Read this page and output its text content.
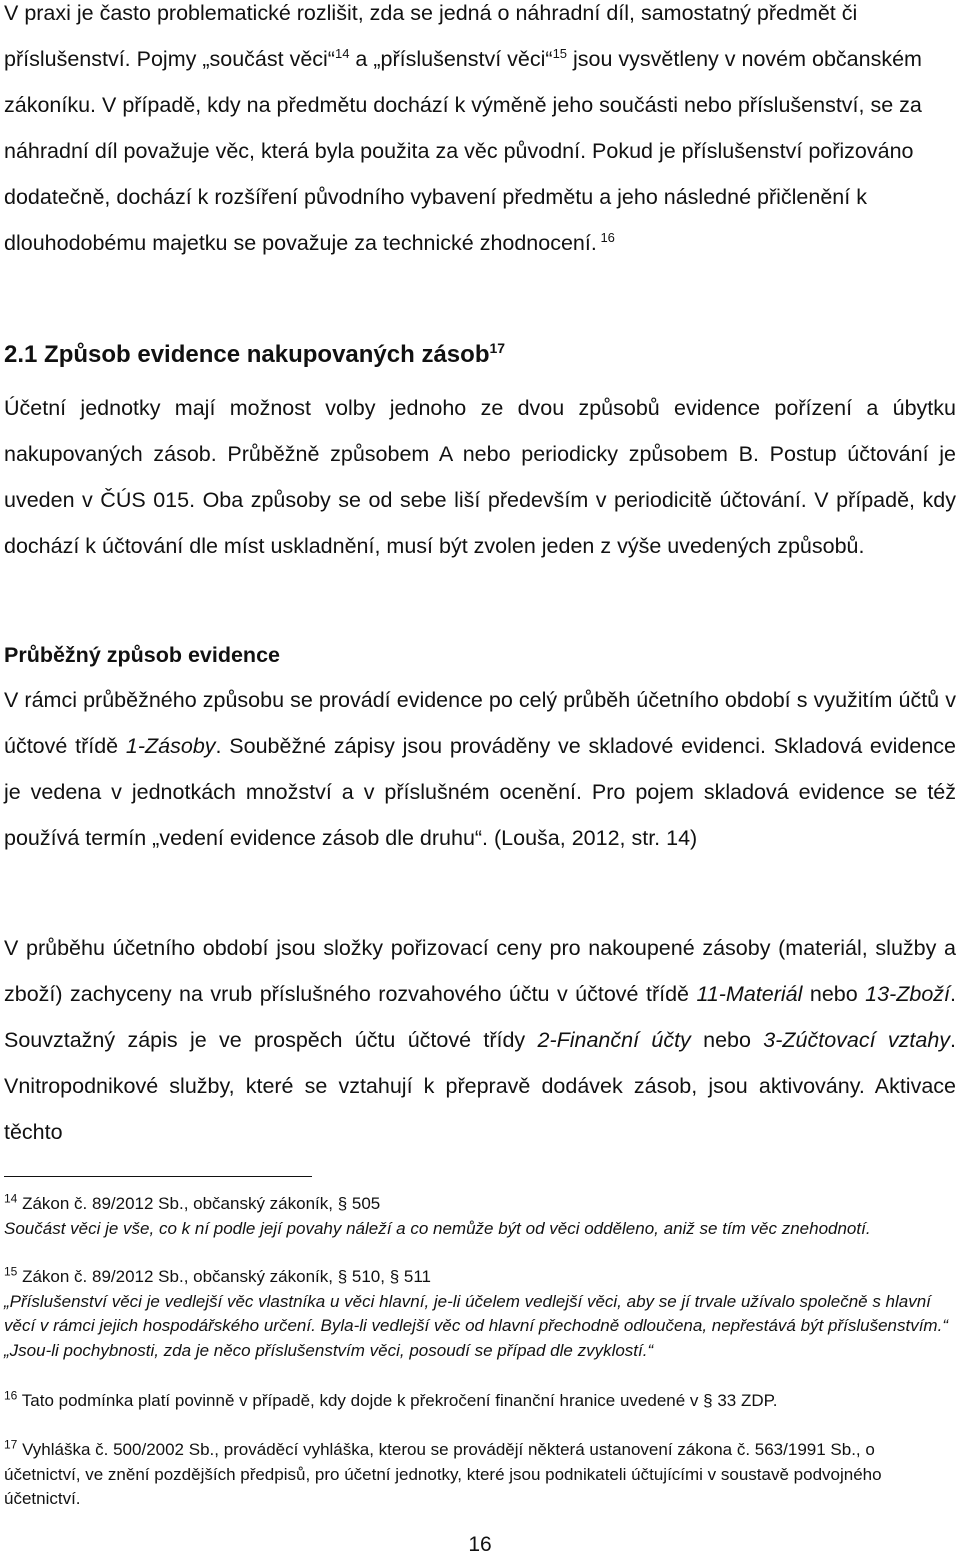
V praxi je často problematické rozlišit, zda se jedná o náhradní díl, samostatný předmět či příslušenství. Pojmy „součást věci“$^{14}$ a „příslušenství věci“$^{15}$ jsou vysvětleny v novém občanském zákoníku. V případě, kdy na předmětu dochází k výměně jeho součásti nebo příslušenství, se za náhradní díl považuje věc, která byla použita za věc původní. Pokud je příslušenství pořizováno dodatečně, dochází k rozšíření původního vybavení předmětu a jeho následné přičlenění k dlouhodobému majetku se považuje za technické zhodnocení. $^{16}$

2.1 Způsob evidence nakupovaných zásob$^{17}$

Účetní jednotky mají možnost volby jednoho ze dvou způsobů evidence pořízení a úbytku nakupovaných zásob. Průběžně způsobem A nebo periodicky způsobem B. Postup účtování je uveden v ČÚS 015. Oba způsoby se od sebe liší především v periodicitě účtování. V případě, kdy dochází k účtování dle míst uskladnění, musí být zvolen jeden z výše uvedených způsobů.

Průběžný způsob evidence

V rámci průběžného způsobu se provádí evidence po celý průběh účetního období s využitím účtů v účtové třídě 1-Zásoby. Souběžné zápisy jsou prováděny ve skladové evidenci. Skladová evidence je vedena v jednotkách množství a v příslušném ocenění. Pro pojem skladová evidence se též používá termín „vedení evidence zásob dle druhu“. (Louša, 2012, str. 14)

V průběhu účetního období jsou složky pořizovací ceny pro nakoupené zásoby (materiál, služby a zboží) zachyceny na vrub příslušného rozvahového účtu v účtové třídě 11-Materiál nebo 13-Zboží. Souvztažný zápis je ve prospěch účtu účtové třídy 2-Finanční účty nebo 3-Zúčtovací vztahy. Vnitropodnikové služby, které se vztahují k přepravě dodávek zásob, jsou aktivovány. Aktivace těchto

$^{14}$ Zákon č. 89/2012 Sb., občanský zákoník, § 505
Součást věci je vše, co k ní podle její povahy náleží a co nemůže být od věci odděleno, aniž se tím věc znehodnotí.

$^{15}$ Zákon č. 89/2012 Sb., občanský zákoník, § 510, § 511
„Příslušenství věci je vedlejší věc vlastníka u věci hlavní, je-li účelem vedlejší věci, aby se jí trvale užívalo společně s hlavní věcí v rámci jejich hospodářského určení. Byla-li vedlejší věc od hlavní přechodně odloučena, nepřestává být příslušenstvím.“ „Jsou-li pochybnosti, zda je něco příslušenstvím věci, posoudí se případ dle zvyklostí.“

$^{16}$ Tato podmínka platí povinně v případě, kdy dojde k překročení finanční hranice uvedené v § 33 ZDP.

$^{17}$ Vyhláška č. 500/2002 Sb., prováděcí vyhláška, kterou se provádějí některá ustanovení zákona č. 563/1991 Sb., o účetnictví, ve znění pozdějších předpisů, pro účetní jednotky, které jsou podnikateli účtujícími v soustavě podvojného účetnictví.

16
